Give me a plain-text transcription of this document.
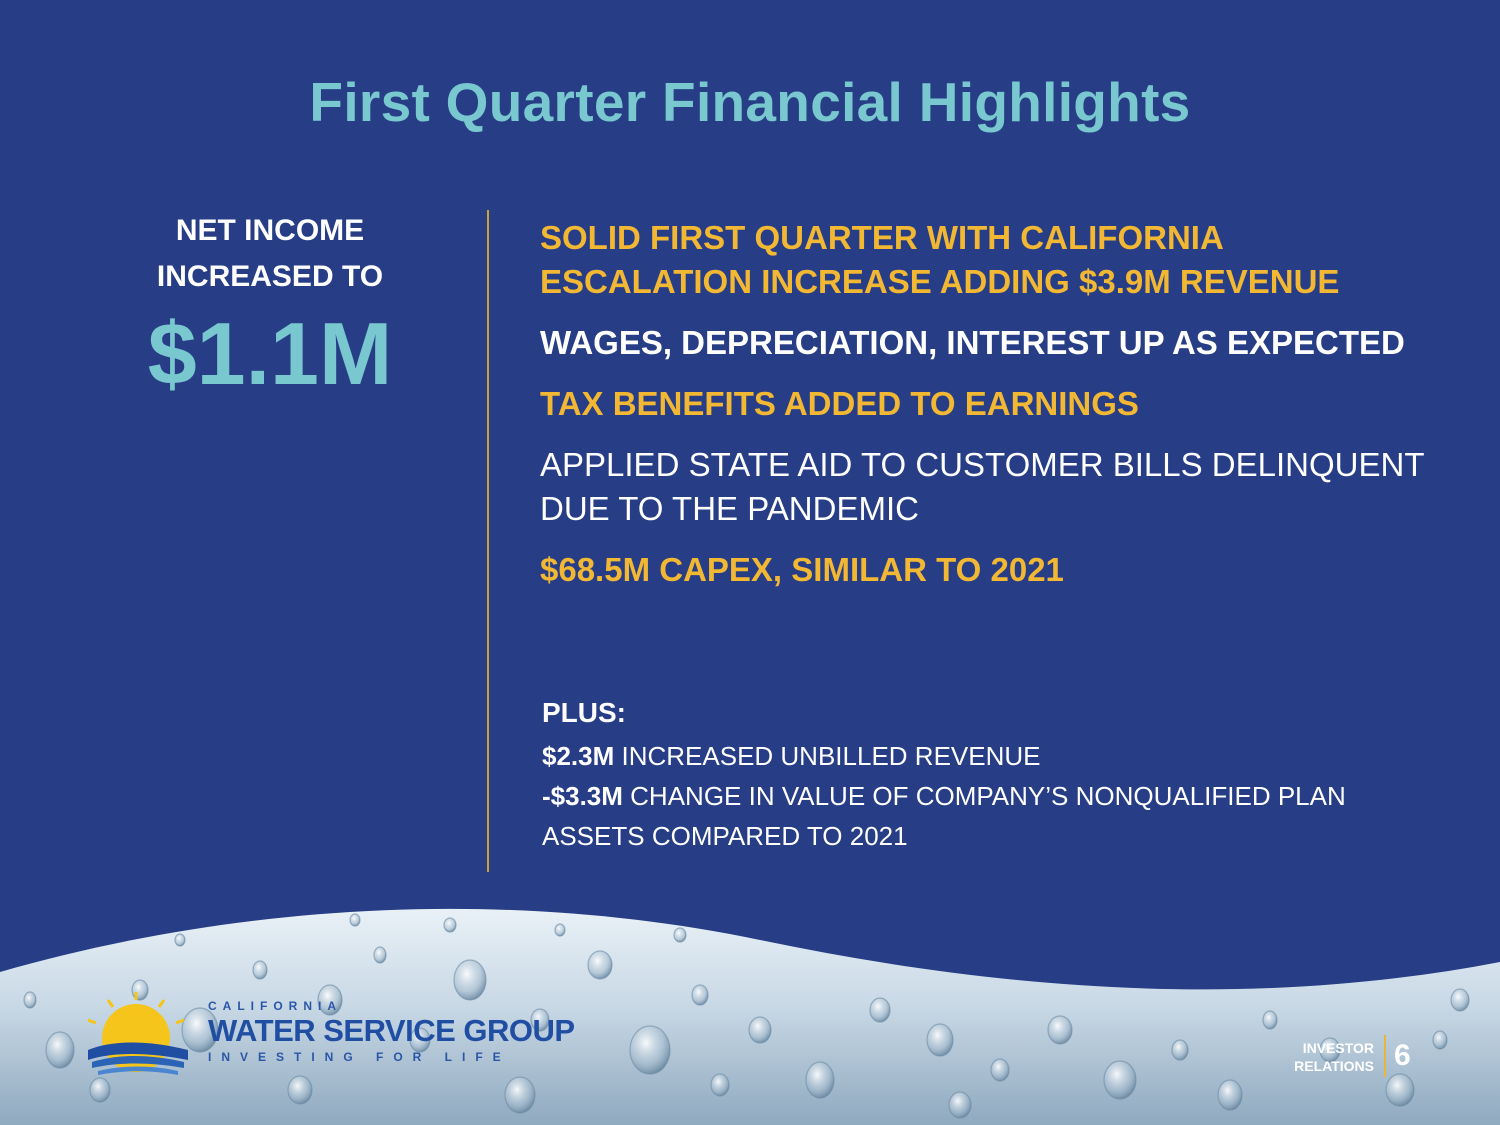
First Quarter Financial Highlights
NET INCOME
INCREASED TO
$1.1M
SOLID FIRST QUARTER WITH CALIFORNIA
ESCALATION INCREASE ADDING $3.9M REVENUE
WAGES, DEPRECIATION, INTEREST UP AS EXPECTED
TAX BENEFITS ADDED TO EARNINGS
APPLIED STATE AID TO CUSTOMER BILLS DELINQUENT
DUE TO THE PANDEMIC
$68.5M CAPEX, SIMILAR TO 2021
PLUS:
$2.3M INCREASED UNBILLED REVENUE
-$3.3M CHANGE IN VALUE OF COMPANY’S NONQUALIFIED PLAN
ASSETS COMPARED TO 2021
CALIFORNIA
WATER SERVICE GROUP
INVESTING FOR LIFE
INVESTOR
RELATIONS 6
